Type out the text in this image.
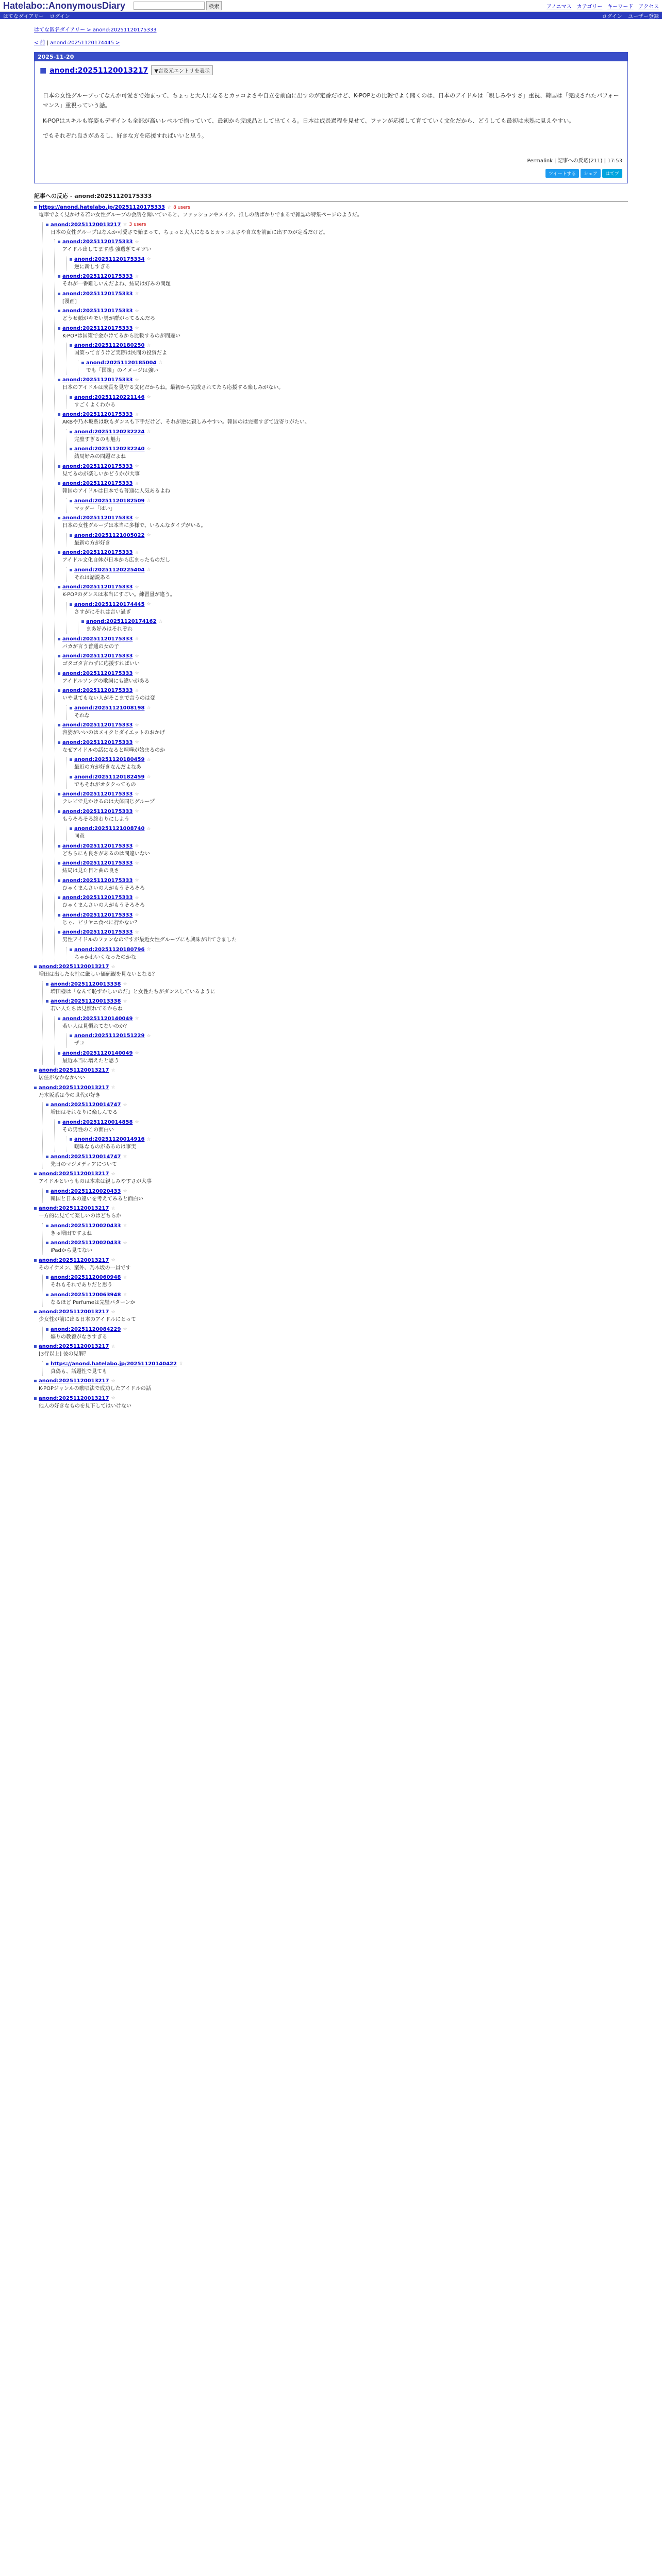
Hatelabo::AnonymousDiary	検索	アノニマス カテゴリー キーワード アクセス
はてなダイアリー ログイン	ログイン ユーザー登録
はてな匿名ダイアリー > anond:20251120175333
< 前 | anond:20251120174445 >
2025-11-20
■ anond:20251120013217	▼言及元エントリを表示

日本の女性グループってなんか可愛さで始まって、ちょっと大人になるとカッコよさや自立を前面に出すのが定番だけど、K-POPとの比較でよく聞くのは、日本のアイドルは「親しみやすさ」重視、韓国は「完成されたパフォーマンス」重視っていう話。

K-POPはスキルも容姿もデザインも全部が高いレベルで揃っていて、最初から完成品として出てくる。日本は成長過程を見せて、ファンが応援して育てていく文化だから、どうしても最初は未熟に見えやすい。

でもそれぞれ良さがあるし、好きな方を応援すればいいと思う。

Permalink | 記事への反応(211) | 17:53
ツイートする	シェア	はてブ
記事への反応 - anond:20251120175333
https://anond.hatelabo.jp/20251120175333 ☆ 8 users
電車でよく見かける若い女性グループの会話を聞いていると、ファッションやメイク、推しの話ばかりでまるで雑誌の特集ページのようだ。
anond:20251120013217 ☆ 3 users
日本の女性グループはなんか可愛さで始まって、ちょっと大人になるとカッコよさや自立を前面に出すのが定番だけど。
anond:20251120175333 ☆
アイドル出してます感 強過ぎてキツい
anond:20251120175334 ☆
逆に新しすぎる
anond:20251120175333 ☆
それが一番難しいんだよね、結局は好みの問題
anond:20251120175333 ☆
[漫画]
anond:20251120175333 ☆
どうせ顔がキモい男が群がってるんだろ
anond:20251120175333 ☆
K-POPは国策で金かけてるから比較するのが間違い
anond:20251120180250 ☆
国策って言うけど実際は民間の投資だよ
anond:20251120185004 ☆
でも「国策」のイメージは強い
anond:20251120175333 ☆
日本のアイドルは成長を見守る文化だからね。最初から完成されてたら応援する楽しみがない。
anond:20251120221146 ☆
すごくよくわかる
anond:20251120175333 ☆
AKBや乃木坂系は歌もダンスも下手だけど、それが逆に親しみやすい。韓国のは完璧すぎて近寄りがたい。
anond:20251120232224 ☆
完璧すぎるのも魅力
anond:20251120232240 ☆
結局好みの問題だよね
anond:20251120175333 ☆
見てるのが楽しいかどうかが大事
anond:20251120175333 ☆
韓国のアイドルは日本でも普通に人気あるよね
anond:20251120182509 ☆
マッダー「はい」
anond:20251120175333 ☆
日本の女性グループは本当に多様で、いろんなタイプがいる。
anond:20251121005022 ☆
最新の方が好き
anond:20251120175333 ☆
アイドル文化自体が日本から広まったものだし
anond:20251120225404 ☆
それは諸説ある
anond:20251120175333 ☆
K-POPのダンスは本当にすごい。練習量が違う。
anond:20251120174445 ☆
さすがにそれは言い過ぎ
anond:20251120174162 ☆
まあ好みはそれぞれ
anond:20251120175333 ☆
バカが言う普通の女の子
anond:20251120175333 ☆
ゴタゴタ言わずに応援すればいい
anond:20251120175333 ☆
アイドルソングの歌詞にも違いがある
anond:20251120175333 ☆
いや見てもない人がそこまで言うのは変
anond:20251121008198 ☆
それな
anond:20251120175333 ☆
容姿がいいのはメイクとダイエットのおかげ
anond:20251120175333 ☆
なぜアイドルの話になると喧嘩が始まるのか
anond:20251120180459 ☆
最近の方が好きなんだよなあ
anond:20251120182459 ☆
でもそれがオタクってもの
anond:20251120175333 ☆
テレビで見かけるのは大体同じグループ
anond:20251120175333 ☆
もうそろそろ終わりにしよう
anond:20251121008740 ☆
同意
anond:20251120175333 ☆
どちらにも良さがあるのは間違いない
anond:20251120175333 ☆
結局は見た目と曲の良さ
anond:20251120175333 ☆
ひゃくまんさいの人がもうそろそろ
anond:20251120175333 ☆
ひゃくまんさいの人がもうそろそろ
anond:20251120175333 ☆
じゃ、ビリヤニ食べに行かない？
anond:20251120175333 ☆
男性アイドルのファンなのですが最近女性グループにも興味が出てきました
anond:20251120180796 ☆
ちゃかわいくなったのかな
anond:20251120013217 ☆
増田は出した女性に厳しい価値観を見ないとなる？
anond:20251120013338 ☆
増田様は「なんて恥ずかしいのだ」と女性たちがダンスしているように
anond:20251120013338 ☆
若い人たちは見慣れてるからね
anond:20251120140049 ☆
若い人は見慣れてないのか？
anond:20251120151229 ☆
ザコ
anond:20251120140049 ☆
最近本当に増えたと思う
anond:20251120013217 ☆
居住がなかなかいい
anond:20251120013217 ☆
乃木坂系は今の世代が好き
anond:20251120014747 ☆
増田はそれなりに楽しんでる
anond:20251120014858 ☆
その男性のこの面白い
anond:20251120014916 ☆
曖昧なものがあるのは事実
anond:20251120014747 ☆
先日のマジメディアについて
anond:20251120013217 ☆
アイドルというものは本来は親しみやすさが大事
anond:20251120020433 ☆
韓国と日本の違いを考えてみると面白い
anond:20251120013217 ☆
一方的に見てて楽しいのはどちらか
anond:20251120020433 ☆
きゅ増田ですよね
anond:20251120020433 ☆
iPadから見てない
anond:20251120013217 ☆
そのイケメン、案外、乃木坂の一員です
anond:20251120060948 ☆
それもそれでありだと思う
anond:20251120063948 ☆
なるほど Perfumeは完璧パターンか
anond:20251120013217 ☆
少女性が前に出る日本のアイドルにとって
anond:20251120084229 ☆
煽りの教養がなさすぎる
anond:20251120013217 ☆
[3行以上] 彼の見解？
https://anond.hatelabo.jp/20251120140422 ☆
真偽も、話題性で見ても
anond:20251120013217 ☆
K-POPジャンルの歌唱法で成功したアイドルの話
anond:20251120013217 ☆
他人の好きなものを見下してはいけない
